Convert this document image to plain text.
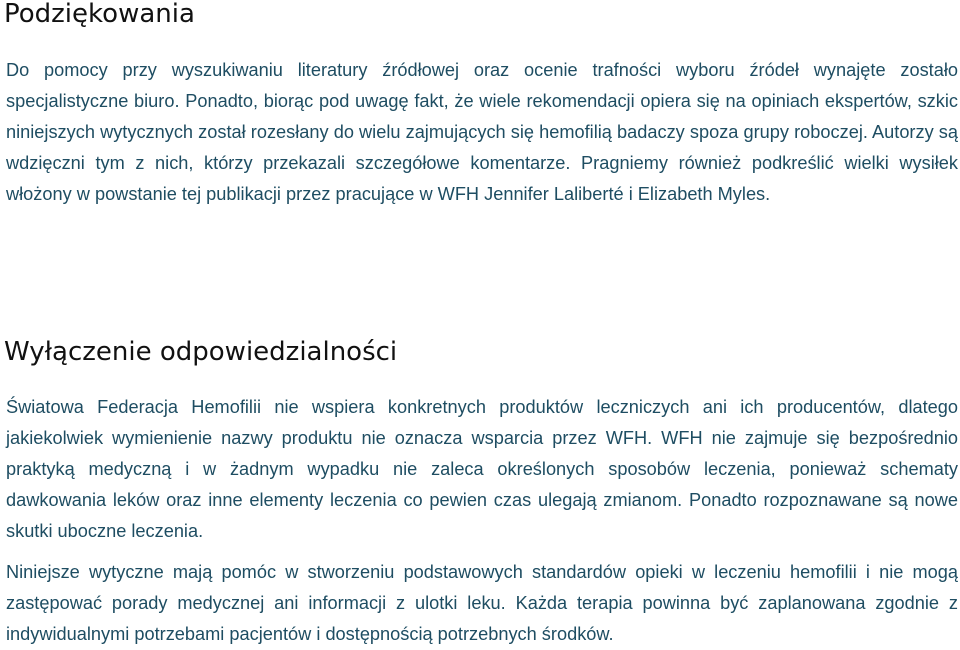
Podziękowania

Do pomocy przy wyszukiwaniu literatury źródłowej oraz ocenie trafności wyboru źródeł wynajęte zostało specjalistyczne biuro. Ponadto, biorąc pod uwagę fakt, że wiele rekomendacji opiera się na opiniach ekspertów, szkic niniejszych wytycznych został rozesłany do wielu zajmujących się hemofilią badaczy spoza grupy roboczej. Autorzy są wdzięczni tym z nich, którzy przekazali szczegółowe komentarze. Pragniemy również podkreślić wielki wysiłek włożony w powstanie tej publikacji przez pracujące w WFH Jennifer Laliberté i Elizabeth Myles.

Wyłączenie odpowiedzialności

Światowa Federacja Hemofilii nie wspiera konkretnych produktów leczniczych ani ich producentów, dlatego jakiekolwiek wymienienie nazwy produktu nie oznacza wsparcia przez WFH. WFH nie zajmuje się bezpośrednio praktyką medyczną i w żadnym wypadku nie zaleca określonych sposobów leczenia, ponieważ schematy dawkowania leków oraz inne elementy leczenia co pewien czas ulegają zmianom. Ponadto rozpoznawane są nowe skutki uboczne leczenia.

Niniejsze wytyczne mają pomóc w stworzeniu podstawowych standardów opieki w leczeniu hemofilii i nie mogą zastępować porady medycznej ani informacji z ulotki leku. Każda terapia powinna być zaplanowana zgodnie z indywidualnymi potrzebami pacjentów i dostępnością potrzebnych środków.
